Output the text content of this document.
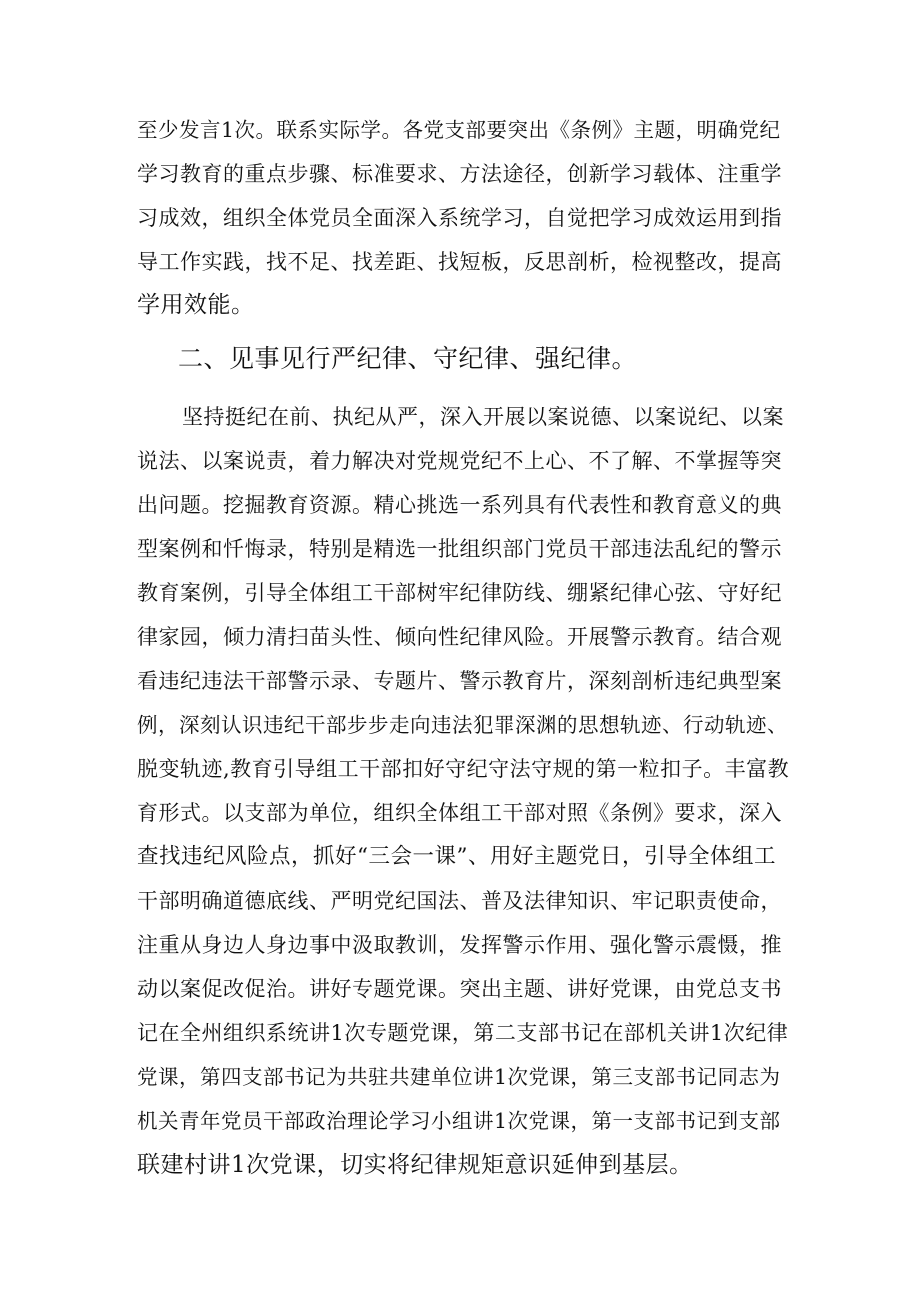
至少发言1次。联系实际学。各党支部要突出《条例》主题，明确党纪
学习教育的重点步骤、标准要求、方法途径，创新学习载体、注重学
习成效，组织全体党员全面深入系统学习，自觉把学习成效运用到指
导工作实践，找不足、找差距、找短板，反思剖析，检视整改，提高
学用效能。
二、见事见行严纪律、守纪律、强纪律。
坚持挺纪在前、执纪从严，深入开展以案说德、以案说纪、以案
说法、以案说责，着力解决对党规党纪不上心、不了解、不掌握等突
出问题。挖掘教育资源。精心挑选一系列具有代表性和教育意义的典
型案例和忏悔录，特别是精选一批组织部门党员干部违法乱纪的警示
教育案例，引导全体组工干部树牢纪律防线、绷紧纪律心弦、守好纪
律家园，倾力清扫苗头性、倾向性纪律风险。开展警示教育。结合观
看违纪违法干部警示录、专题片、警示教育片，深刻剖析违纪典型案
例，深刻认识违纪干部步步走向违法犯罪深渊的思想轨迹、行动轨迹、
脱变轨迹,教育引导组工干部扣好守纪守法守规的第一粒扣子。丰富教
育形式。以支部为单位，组织全体组工干部对照《条例》要求，深入
查找违纪风险点，抓好“三会一课”、用好主题党日，引导全体组工
干部明确道德底线、严明党纪国法、普及法律知识、牢记职责使命，
注重从身边人身边事中汲取教训，发挥警示作用、强化警示震慑，推
动以案促改促治。讲好专题党课。突出主题、讲好党课，由党总支书
记在全州组织系统讲1次专题党课，第二支部书记在部机关讲1次纪律
党课，第四支部书记为共驻共建单位讲1次党课，第三支部书记同志为
机关青年党员干部政治理论学习小组讲1次党课，第一支部书记到支部
联建村讲1次党课，切实将纪律规矩意识延伸到基层。
